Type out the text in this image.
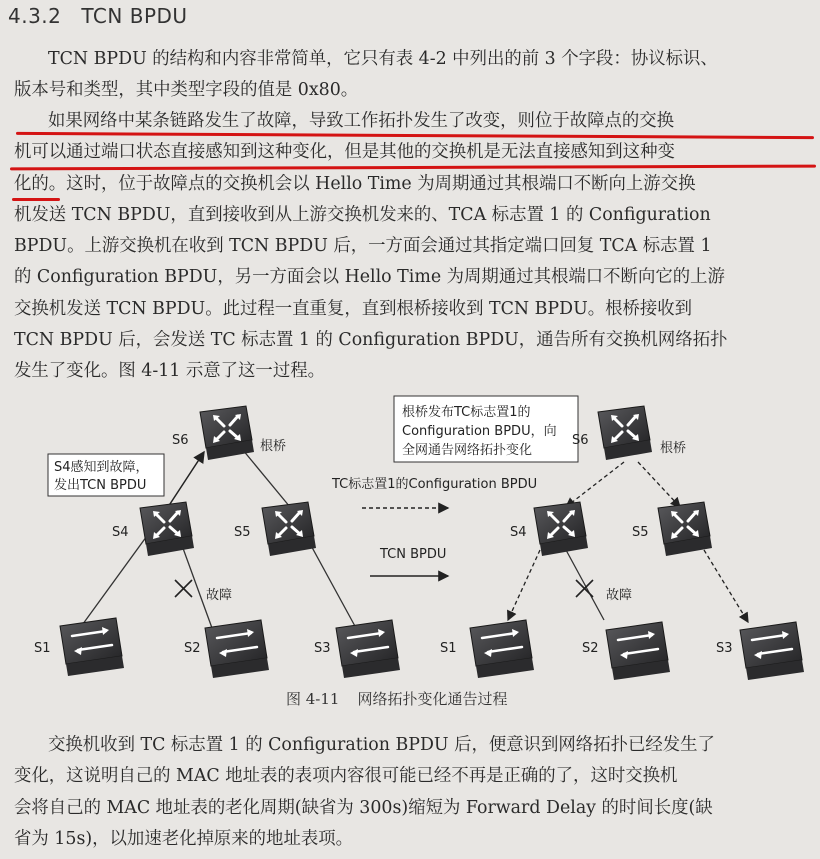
4.3.2 TCN BPDU
TCN BPDU 的结构和内容非常简单，它只有表 4-2 中列出的前 3 个字段：协议标识、
版本号和类型，其中类型字段的值是 0x80。
如果网络中某条链路发生了故障，导致工作拓扑发生了改变，则位于故障点的交换
机可以通过端口状态直接感知到这种变化，但是其他的交换机是无法直接感知到这种变
化的。这时，位于故障点的交换机会以 Hello Time 为周期通过其根端口不断向上游交换
机发送 TCN BPDU，直到接收到从上游交换机发来的、TCA 标志置 1 的 Configuration
BPDU。上游交换机在收到 TCN BPDU 后，一方面会通过其指定端口回复 TCA 标志置 1
的 Configuration BPDU，另一方面会以 Hello Time 为周期通过其根端口不断向它的上游
交换机发送 TCN BPDU。此过程一直重复，直到根桥接收到 TCN BPDU。根桥接收到
TCN BPDU 后，会发送 TC 标志置 1 的 Configuration BPDU，通告所有交换机网络拓扑
发生了变化。图 4-11 示意了这一过程。
S4感知到故障，
发出TCN BPDU
S6	根桥
S4	S5
故障
S1	S2	S3
根桥发布TC标志置1的
Configuration BPDU，向
全网通告网络拓扑变化
TC标志置1的Configuration BPDU
TCN BPDU
S6
根桥
S4	S5
故障
S1	S2	S3
图 4-11 网络拓扑变化通告过程
交换机收到 TC 标志置 1 的 Configuration BPDU 后，便意识到网络拓扑已经发生了
变化，这说明自己的 MAC 地址表的表项内容很可能已经不再是正确的了，这时交换机
会将自己的 MAC 地址表的老化周期(缺省为 300s)缩短为 Forward Delay 的时间长度(缺
省为 15s)，以加速老化掉原来的地址表项。
